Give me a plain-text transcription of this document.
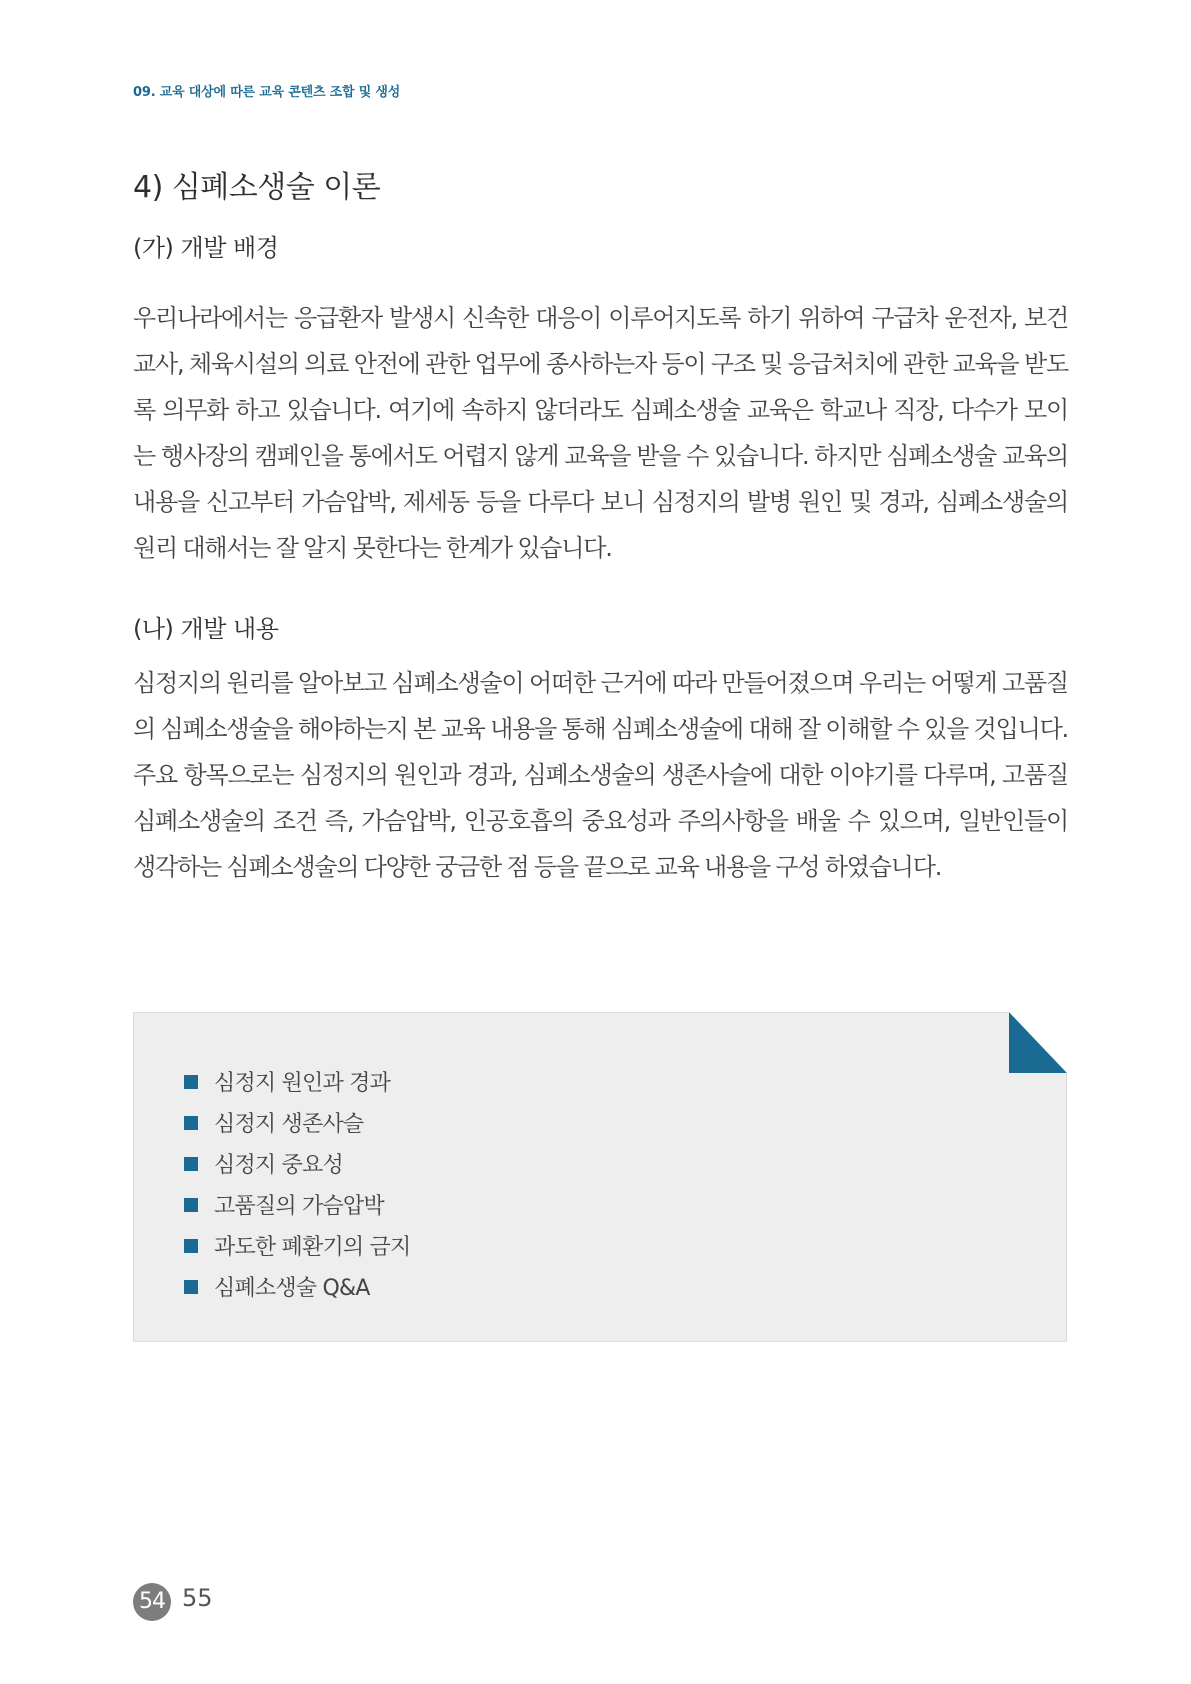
09. 교육 대상에 따른 교육 콘텐츠 조합 및 생성
4) 심폐소생술 이론
(가) 개발 배경

우리나라에서는 응급환자 발생시 신속한 대응이 이루어지도록 하기 위하여 구급차 운전자, 보건교사, 체육시설의 의료 안전에 관한 업무에 종사하는자 등이 구조 및 응급처치에 관한 교육을 받도록 의무화 하고 있습니다. 여기에 속하지 않더라도 심폐소생술 교육은 학교나 직장, 다수가 모이는 행사장의 캠페인을 통에서도 어렵지 않게 교육을 받을 수 있습니다. 하지만 심폐소생술 교육의 내용을 신고부터 가슴압박, 제세동 등을 다루다 보니 심정지의 발병 원인 및 경과, 심폐소생술의 원리 대해서는 잘 알지 못한다는 한계가 있습니다.

(나) 개발 내용

심정지의 원리를 알아보고 심폐소생술이 어떠한 근거에 따라 만들어졌으며 우리는 어떻게 고품질의 심폐소생술을 해야하는지 본 교육 내용을 통해 심폐소생술에 대해 잘 이해할 수 있을 것입니다. 주요 항목으로는 심정지의 원인과 경과, 심폐소생술의 생존사슬에 대한 이야기를 다루며, 고품질 심폐소생술의 조건 즉, 가슴압박, 인공호흡의 중요성과 주의사항을 배울 수 있으며, 일반인들이 생각하는 심폐소생술의 다양한 궁금한 점 등을 끝으로 교육 내용을 구성 하였습니다.

심정지 원인과 경과
심정지 생존사슬
심정지 중요성
고품질의 가슴압박
과도한 폐환기의 금지
심폐소생술 Q&A
54 55
